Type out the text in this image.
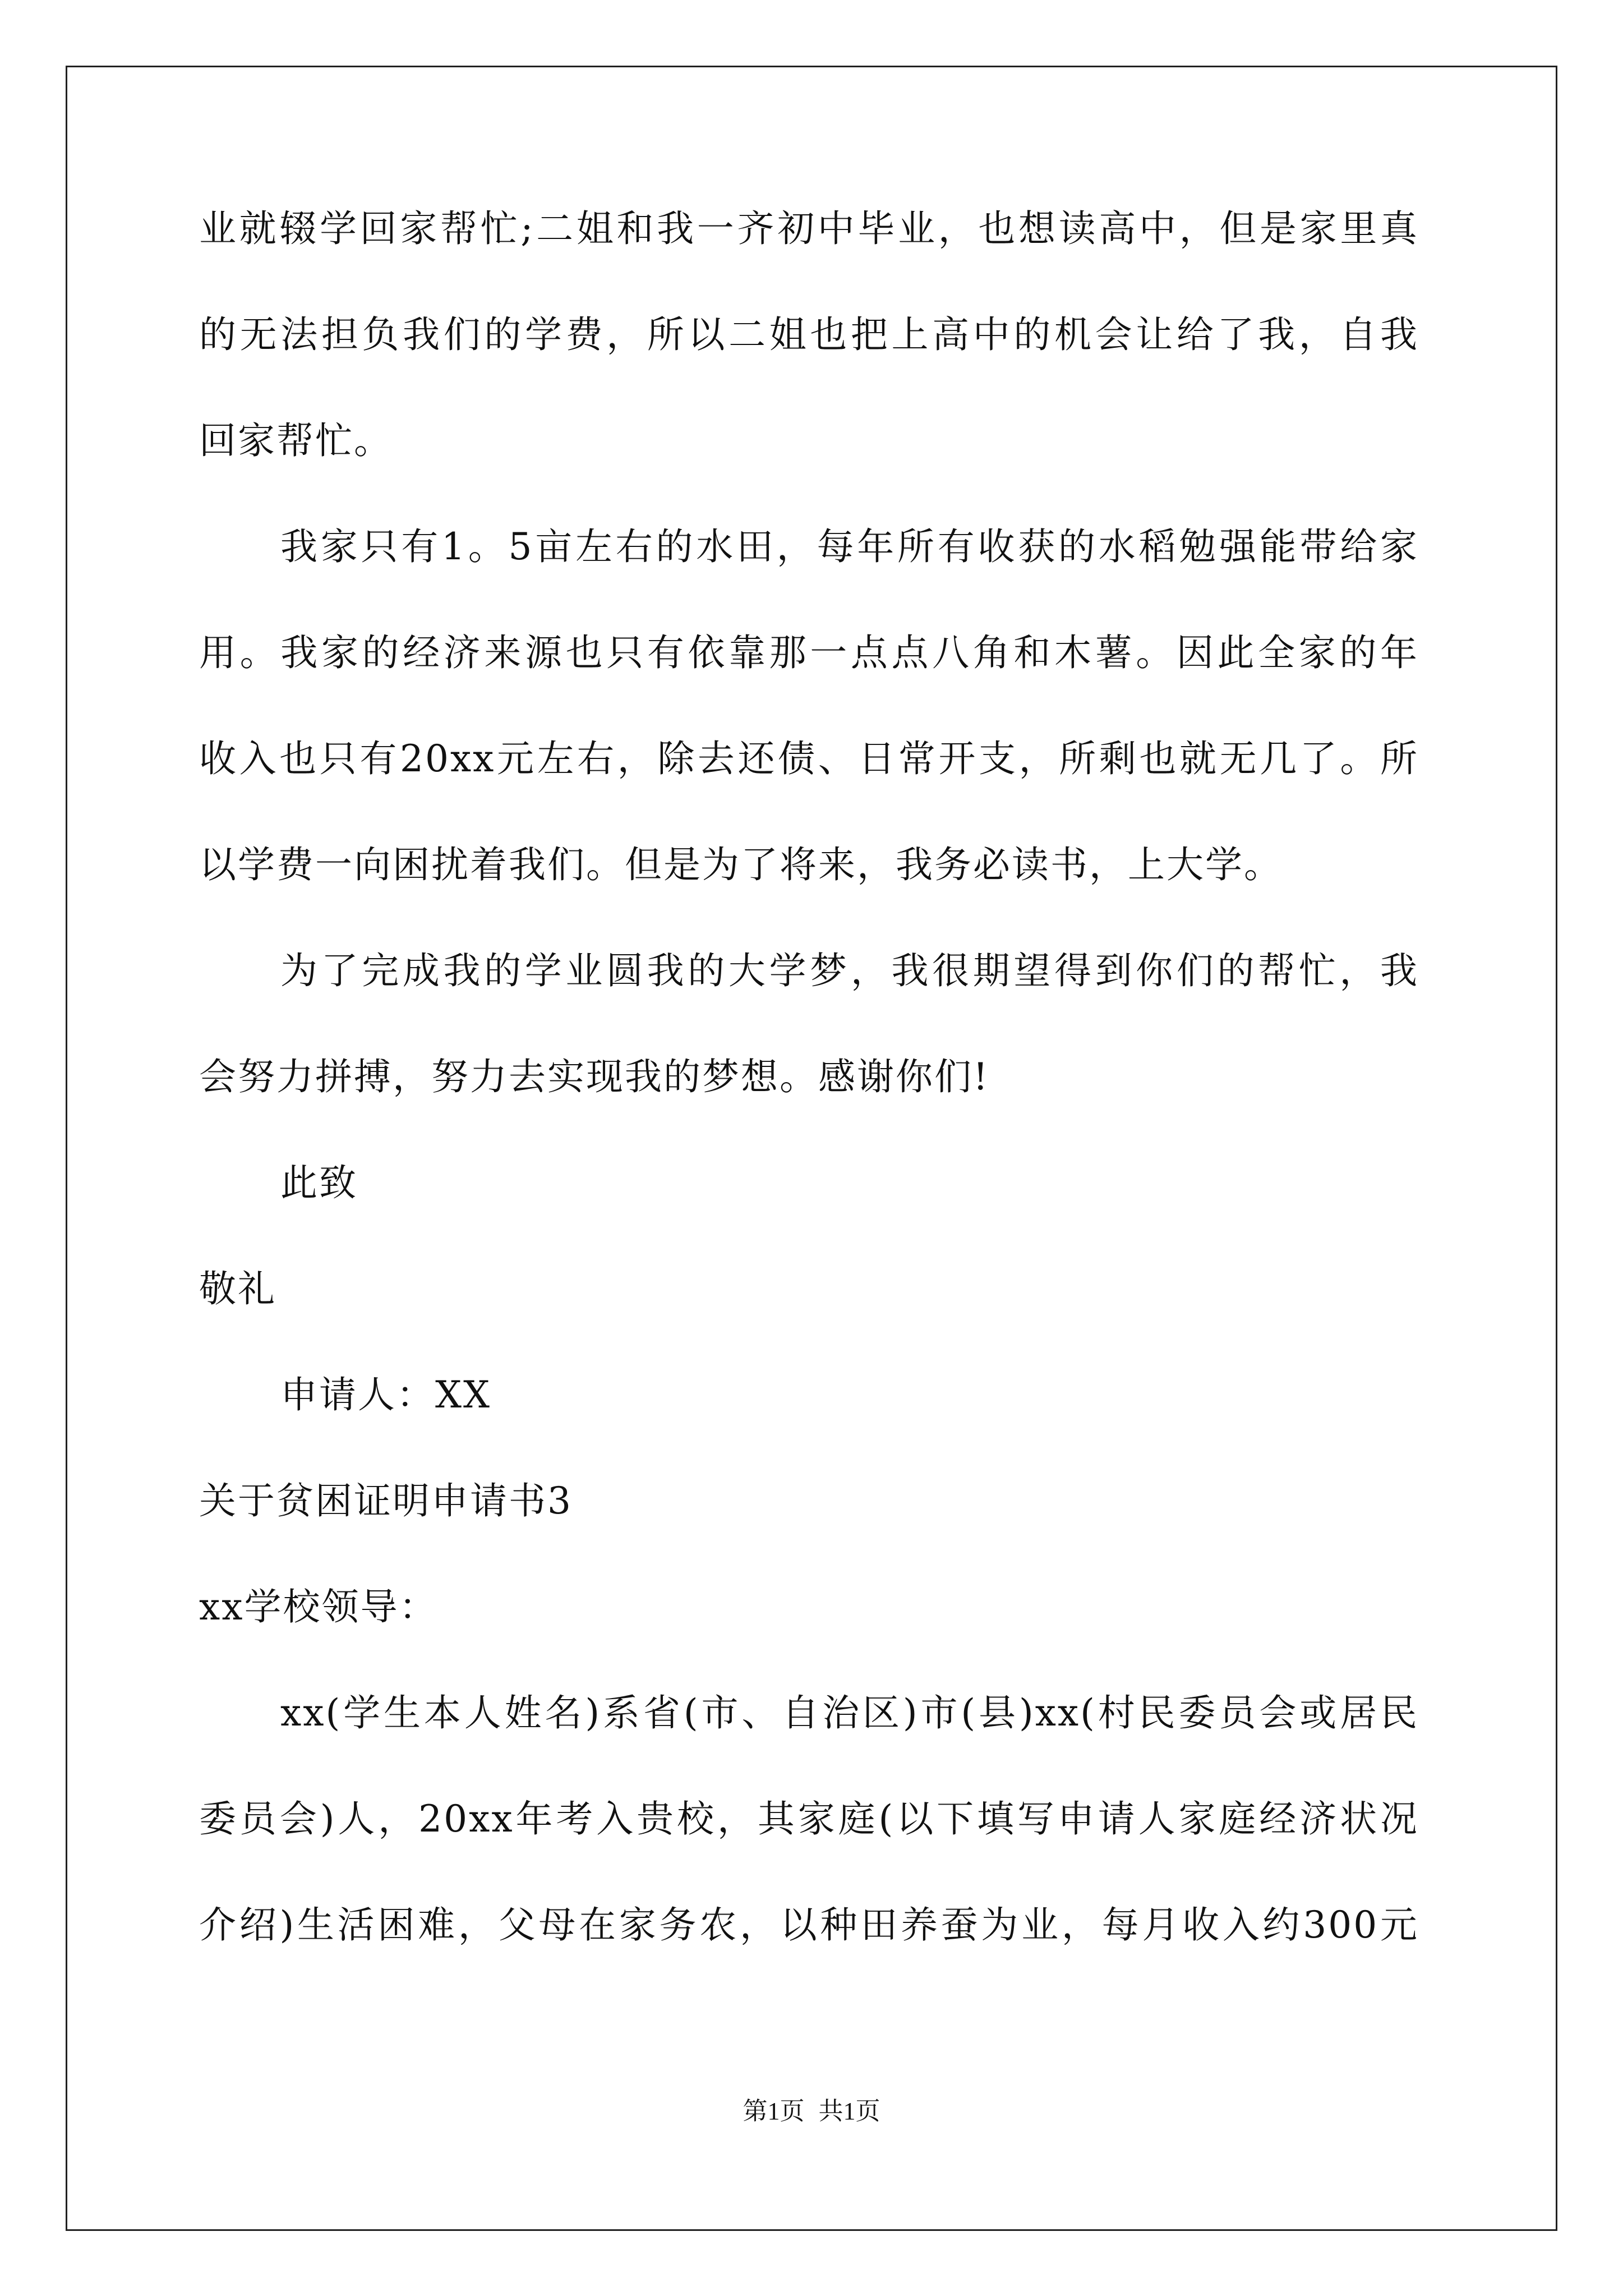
业就辍学回家帮忙;二姐和我一齐初中毕业，也想读高中，但是家里真
的无法担负我们的学费，所以二姐也把上高中的机会让给了我，自我
回家帮忙。
我家只有1。5亩左右的水田，每年所有收获的水稻勉强能带给家
用。我家的经济来源也只有依靠那一点点八角和木薯。因此全家的年
收入也只有20xx元左右，除去还债、日常开支，所剩也就无几了。所
以学费一向困扰着我们。但是为了将来，我务必读书，上大学。
为了完成我的学业圆我的大学梦，我很期望得到你们的帮忙，我
会努力拼搏，努力去实现我的梦想。感谢你们!
此致
敬礼
申请人：XX
关于贫困证明申请书3
xx学校领导：
xx(学生本人姓名)系省(市、自治区)市(县)xx(村民委员会或居民
委员会)人，20xx年考入贵校，其家庭(以下填写申请人家庭经济状况
介绍)生活困难，父母在家务农，以种田养蚕为业，每月收入约300元
第1页 共1页
